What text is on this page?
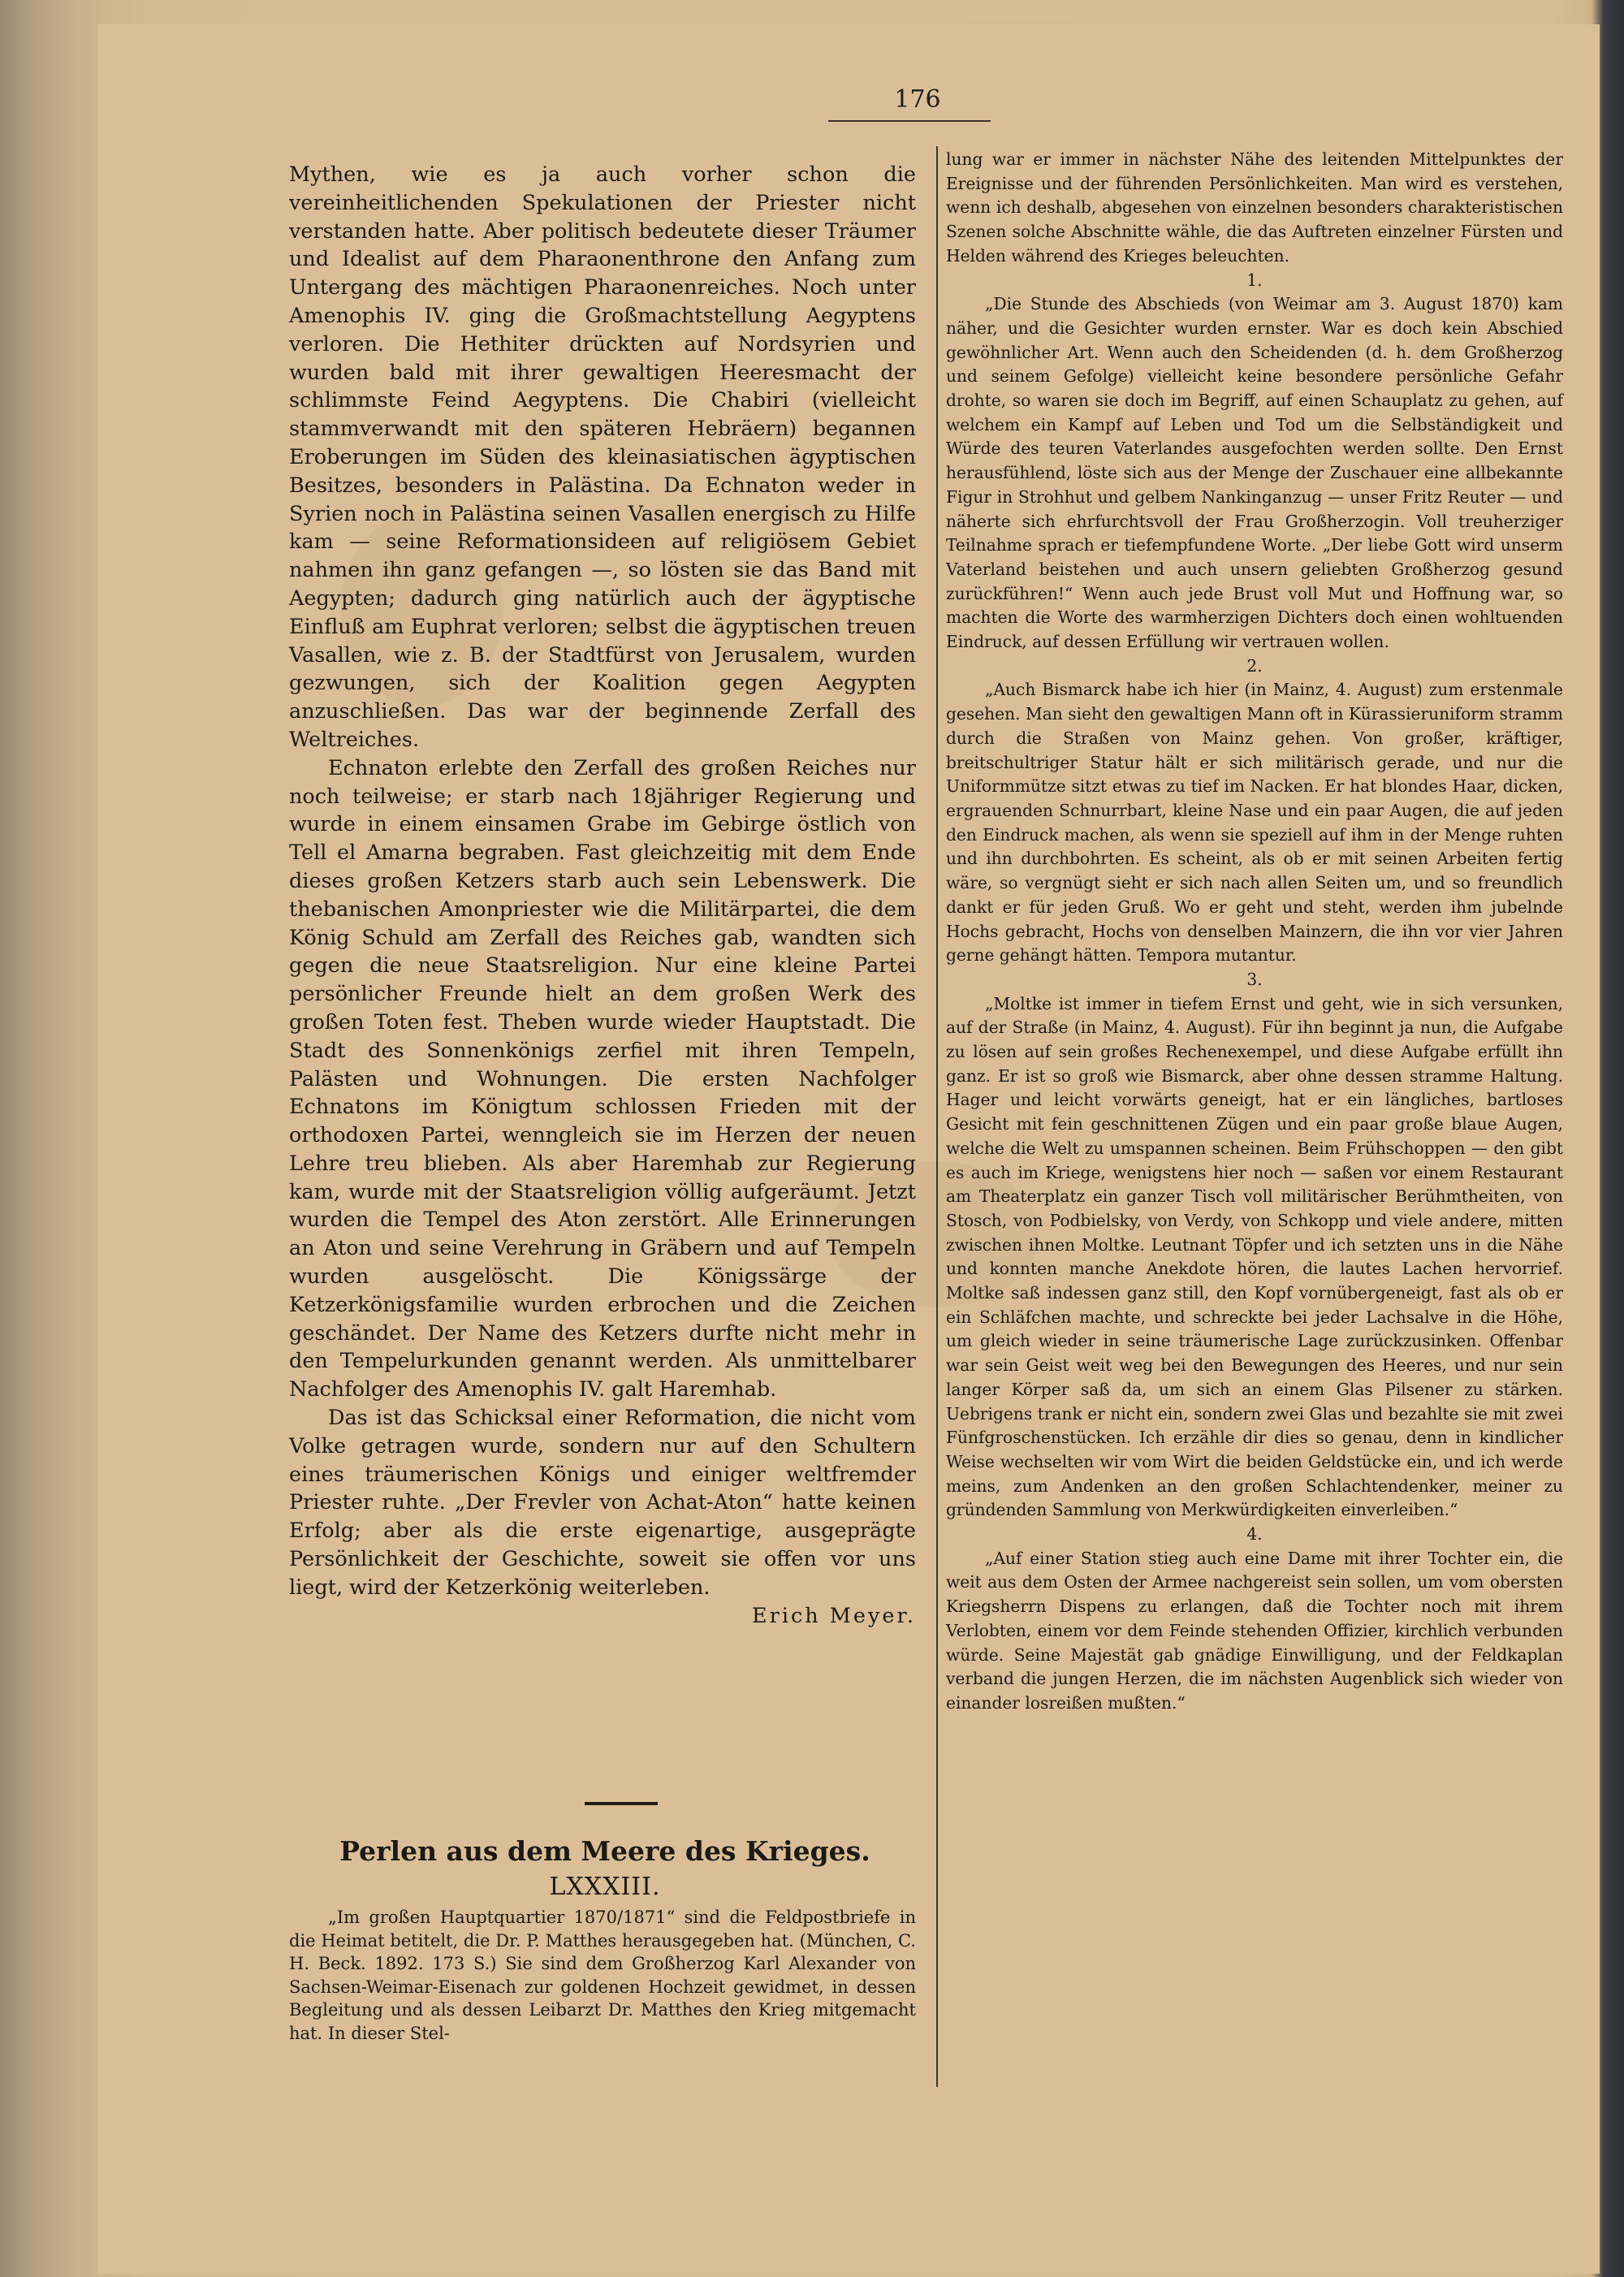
176

Mythen, wie es ja auch vorher schon die vereinheitlichenden Spekulationen der Priester nicht verstanden hatte. Aber politisch bedeutete dieser Träumer und Idealist auf dem Pharaonenthrone den Anfang zum Untergang des mächtigen Pharaonenreiches. Noch unter Amenophis IV. ging die Großmachtstellung Aegyptens verloren. Die Hethiter drückten auf Nordsyrien und wurden bald mit ihrer gewaltigen Heeresmacht der schlimmste Feind Aegyptens. Die Chabiri (vielleicht stammverwandt mit den späteren Hebräern) begannen Eroberungen im Süden des kleinasiatischen ägyptischen Besitzes, besonders in Palästina. Da Echnaton weder in Syrien noch in Palästina seinen Vasallen energisch zu Hilfe kam — seine Reformationsideen auf religiösem Gebiet nahmen ihn ganz gefangen —, so lösten sie das Band mit Aegypten; dadurch ging natürlich auch der ägyptische Einfluß am Euphrat verloren; selbst die ägyptischen treuen Vasallen, wie z. B. der Stadtfürst von Jerusalem, wurden gezwungen, sich der Koalition gegen Aegypten anzuschließen. Das war der beginnende Zerfall des Weltreiches.

Echnaton erlebte den Zerfall des großen Reiches nur noch teilweise; er starb nach 18jähriger Regierung und wurde in einem einsamen Grabe im Gebirge östlich von Tell el Amarna begraben. Fast gleichzeitig mit dem Ende dieses großen Ketzers starb auch sein Lebenswerk. Die thebanischen Amonpriester wie die Militärpartei, die dem König Schuld am Zerfall des Reiches gab, wandten sich gegen die neue Staatsreligion. Nur eine kleine Partei persönlicher Freunde hielt an dem großen Werk des großen Toten fest. Theben wurde wieder Hauptstadt. Die Stadt des Sonnenkönigs zerfiel mit ihren Tempeln, Palästen und Wohnungen. Die ersten Nachfolger Echnatons im Königtum schlossen Frieden mit der orthodoxen Partei, wenngleich sie im Herzen der neuen Lehre treu blieben. Als aber Haremhab zur Regierung kam, wurde mit der Staatsreligion völlig aufgeräumt. Jetzt wurden die Tempel des Aton zerstört. Alle Erinnerungen an Aton und seine Verehrung in Gräbern und auf Tempeln wurden ausgelöscht. Die Königssärge der Ketzerkönigsfamilie wurden erbrochen und die Zeichen geschändet. Der Name des Ketzers durfte nicht mehr in den Tempelurkunden genannt werden. Als unmittelbarer Nachfolger des Amenophis IV. galt Haremhab.

Das ist das Schicksal einer Reformation, die nicht vom Volke getragen wurde, sondern nur auf den Schultern eines träumerischen Königs und einiger weltfremder Priester ruhte. „Der Frevler von Achat-Aton“ hatte keinen Erfolg; aber als die erste eigenartige, ausgeprägte Persönlichkeit der Geschichte, soweit sie offen vor uns liegt, wird der Ketzerkönig weiterleben.

Erich Meyer.

Perlen aus dem Meere des Krieges.
LXXXIII.

„Im großen Hauptquartier 1870/1871“ sind die Feldpostbriefe in die Heimat betitelt, die Dr. P. Matthes herausgegeben hat. (München, C. H. Beck. 1892. 173 S.) Sie sind dem Großherzog Karl Alexander von Sachsen-Weimar-Eisenach zur goldenen Hochzeit gewidmet, in dessen Begleitung und als dessen Leibarzt Dr. Matthes den Krieg mitgemacht hat. In dieser Stel-

lung war er immer in nächster Nähe des leitenden Mittelpunktes der Ereignisse und der führenden Persönlichkeiten. Man wird es verstehen, wenn ich deshalb, abgesehen von einzelnen besonders charakteristischen Szenen solche Abschnitte wähle, die das Auftreten einzelner Fürsten und Helden während des Krieges beleuchten.

1.

„Die Stunde des Abschieds (von Weimar am 3. August 1870) kam näher, und die Gesichter wurden ernster. War es doch kein Abschied gewöhnlicher Art. Wenn auch den Scheidenden (d. h. dem Großherzog und seinem Gefolge) vielleicht keine besondere persönliche Gefahr drohte, so waren sie doch im Begriff, auf einen Schauplatz zu gehen, auf welchem ein Kampf auf Leben und Tod um die Selbständigkeit und Würde des teuren Vaterlandes ausgefochten werden sollte. Den Ernst herausfühlend, löste sich aus der Menge der Zuschauer eine allbekannte Figur in Strohhut und gelbem Nankinganzug — unser Fritz Reuter — und näherte sich ehrfurchtsvoll der Frau Großherzogin. Voll treuherziger Teilnahme sprach er tiefempfundene Worte. „Der liebe Gott wird unserm Vaterland beistehen und auch unsern geliebten Großherzog gesund zurückführen!“ Wenn auch jede Brust voll Mut und Hoffnung war, so machten die Worte des warmherzigen Dichters doch einen wohltuenden Eindruck, auf dessen Erfüllung wir vertrauen wollen.

2.

„Auch Bismarck habe ich hier (in Mainz, 4. August) zum erstenmale gesehen. Man sieht den gewaltigen Mann oft in Kürassieruniform stramm durch die Straßen von Mainz gehen. Von großer, kräftiger, breitschultriger Statur hält er sich militärisch gerade, und nur die Uniformmütze sitzt etwas zu tief im Nacken. Er hat blondes Haar, dicken, ergrauenden Schnurrbart, kleine Nase und ein paar Augen, die auf jeden den Eindruck machen, als wenn sie speziell auf ihm in der Menge ruhten und ihn durchbohrten. Es scheint, als ob er mit seinen Arbeiten fertig wäre, so vergnügt sieht er sich nach allen Seiten um, und so freundlich dankt er für jeden Gruß. Wo er geht und steht, werden ihm jubelnde Hochs gebracht, Hochs von denselben Mainzern, die ihn vor vier Jahren gerne gehängt hätten. Tempora mutantur.

3.

„Moltke ist immer in tiefem Ernst und geht, wie in sich versunken, auf der Straße (in Mainz, 4. August). Für ihn beginnt ja nun, die Aufgabe zu lösen auf sein großes Rechenexempel, und diese Aufgabe erfüllt ihn ganz. Er ist so groß wie Bismarck, aber ohne dessen stramme Haltung. Hager und leicht vorwärts geneigt, hat er ein längliches, bartloses Gesicht mit fein geschnittenen Zügen und ein paar große blaue Augen, welche die Welt zu umspannen scheinen. Beim Frühschoppen — den gibt es auch im Kriege, wenigstens hier noch — saßen vor einem Restaurant am Theaterplatz ein ganzer Tisch voll militärischer Berühmtheiten, von Stosch, von Podbielsky, von Verdy, von Schkopp und viele andere, mitten zwischen ihnen Moltke. Leutnant Töpfer und ich setzten uns in die Nähe und konnten manche Anekdote hören, die lautes Lachen hervorrief. Moltke saß indessen ganz still, den Kopf vornübergeneigt, fast als ob er ein Schläfchen machte, und schreckte bei jeder Lachsalve in die Höhe, um gleich wieder in seine träumerische Lage zurückzusinken. Offenbar war sein Geist weit weg bei den Bewegungen des Heeres, und nur sein langer Körper saß da, um sich an einem Glas Pilsener zu stärken. Uebrigens trank er nicht ein, sondern zwei Glas und bezahlte sie mit zwei Fünfgroschenstücken. Ich erzähle dir dies so genau, denn in kindlicher Weise wechselten wir vom Wirt die beiden Geldstücke ein, und ich werde meins, zum Andenken an den großen Schlachtendenker, meiner zu gründenden Sammlung von Merkwürdigkeiten einverleiben.“

4.

„Auf einer Station stieg auch eine Dame mit ihrer Tochter ein, die weit aus dem Osten der Armee nachgereist sein sollen, um vom obersten Kriegsherrn Dispens zu erlangen, daß die Tochter noch mit ihrem Verlobten, einem vor dem Feinde stehenden Offizier, kirchlich verbunden würde. Seine Majestät gab gnädige Einwilligung, und der Feldkaplan verband die jungen Herzen, die im nächsten Augenblick sich wieder von einander losreißen mußten.“
